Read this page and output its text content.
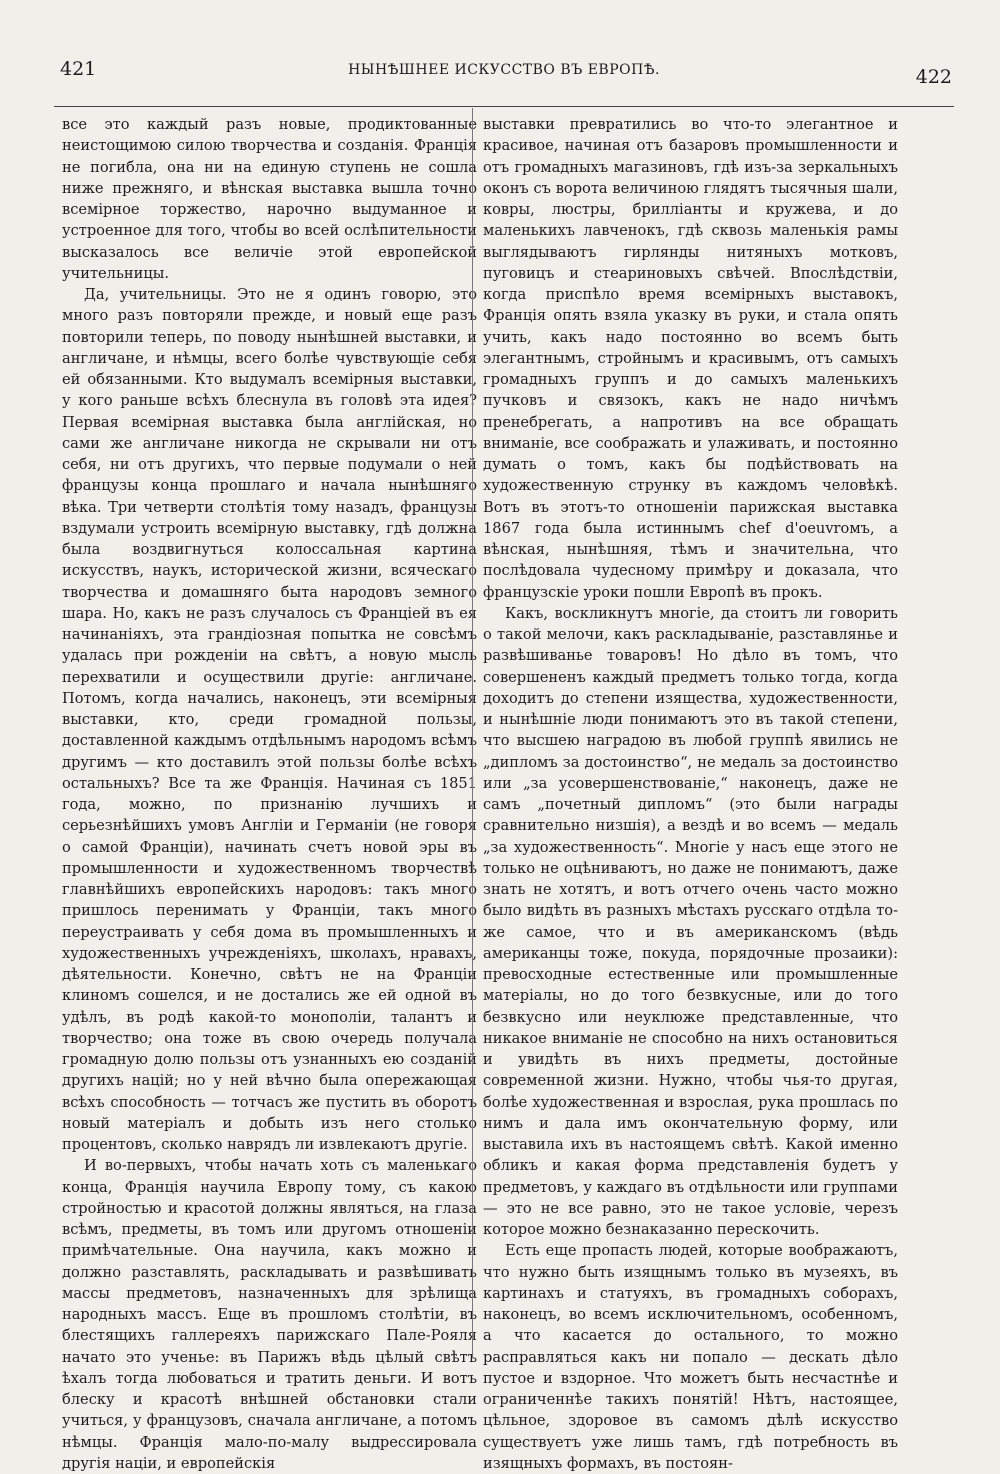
421	НЫНѢШНЕЕ ИСКУССТВО ВЪ ЕВРОПѢ.	422

все это каждый разъ новые, продиктованные неистощимою силою творчества и созданія. Франція не погибла, она ни на единую ступень не сошла ниже прежняго, и вѣнская выставка вышла точно всемірное торжество, нарочно выдуманное и устроенное для того, чтобы во всей ослѣпительности высказалось все величіе этой европейской учительницы.

Да, учительницы. Это не я одинъ говорю, это много разъ повторяли прежде, и новый еще разъ повторили теперь, по поводу нынѣшней выставки, и англичане, и нѣмцы, всего болѣе чувствующіе себя ей обязанными. Кто выдумалъ всемірныя выставки, у кого раньше всѣхъ блеснула въ головѣ эта идея? Первая всемірная выставка была англійская, но сами же англичане никогда не скрывали ни отъ себя, ни отъ другихъ, что первые подумали о ней французы конца прошлаго и начала нынѣшняго вѣка. Три четверти столѣтія тому назадъ, французы вздумали устроить всемірную выставку, гдѣ должна была воздвигнуться колоссальная картина искусствъ, наукъ, исторической жизни, всяческаго творчества и домашняго быта народовъ земного шара. Но, какъ не разъ случалось съ Франціей въ ея начинаніяхъ, эта грандіозная попытка не совсѣмъ удалась при рожденіи на свѣтъ, а новую мысль перехватили и осуществили другіе: англичане. Потомъ, когда начались, наконецъ, эти всемірныя выставки, кто, среди громадной пользы, доставленной каждымъ отдѣльнымъ народомъ всѣмъ другимъ — кто доставилъ этой пользы болѣе всѣхъ остальныхъ? Все та же Франція. Начиная съ 1851 года, можно, по признанію лучшихъ и серьезнѣйшихъ умовъ Англіи и Германіи (не говоря о самой Франціи), начинать счетъ новой эры въ промышленности и художественномъ творчествѣ главнѣйшихъ европейскихъ народовъ: такъ много пришлось перенимать у Франціи, такъ много переустраивать у себя дома въ промышленныхъ и художественныхъ учрежденіяхъ, школахъ, нравахъ, дѣятельности. Конечно, свѣтъ не на Франціи клиномъ сошелся, и не достались же ей одной въ удѣлъ, въ родѣ какой-то монополіи, талантъ и творчество; она тоже въ свою очередь получала громадную долю пользы отъ узнанныхъ ею созданій другихъ націй; но у ней вѣчно была опережающая всѣхъ способность — тотчасъ же пустить въ оборотъ новый матеріалъ и добыть изъ него столько процентовъ, сколько наврядъ ли извлекаютъ другіе.

И во-первыхъ, чтобы начать хоть съ маленькаго конца, Франція научила Европу тому, съ какою стройностью и красотой должны являться, на глаза всѣмъ, предметы, въ томъ или другомъ отношеніи примѣчательные. Она научила, какъ можно и должно разставлять, раскладывать и развѣшивать массы предметовъ, назначенныхъ для зрѣлища народныхъ массъ. Еще въ прошломъ столѣтіи, въ блестящихъ галлереяхъ парижскаго Пале-Рояля начато это ученье: въ Парижъ вѣдь цѣлый свѣтъ ѣхалъ тогда любоваться и тратить деньги. И вотъ блеску и красотѣ внѣшней обстановки стали учиться, у французовъ, сначала англичане, а потомъ нѣмцы. Франція мало-по-малу выдрессировала другія націи, и европейскія

выставки превратились во что-то элегантное и красивое, начиная отъ базаровъ промышленности и отъ громадныхъ магазиновъ, гдѣ изъ-за зеркальныхъ оконъ съ ворота величиною глядятъ тысячныя шали, ковры, люстры, брилліанты и кружева, и до маленькихъ лавченокъ, гдѣ сквозь маленькія рамы выглядываютъ гирлянды нитяныхъ мотковъ, пуговицъ и стеариновыхъ свѣчей. Впослѣдствіи, когда приспѣло время всемірныхъ выставокъ, Франція опять взяла указку въ руки, и стала опять учить, какъ надо постоянно во всемъ быть элегантнымъ, стройнымъ и красивымъ, отъ самыхъ громадныхъ группъ и до самыхъ маленькихъ пучковъ и связокъ, какъ не надо ничѣмъ пренебрегать, а напротивъ на все обращать вниманіе, все соображать и улаживать, и постоянно думать о томъ, какъ бы подѣйствовать на художественную струнку въ каждомъ человѣкѣ. Вотъ въ этотъ-то отношеніи парижская выставка 1867 года была истиннымъ chef d'oeuvrомъ, а вѣнская, нынѣшняя, тѣмъ и значительна, что послѣдовала чудесному примѣру и доказала, что французскіе уроки пошли Европѣ въ прокъ.

Какъ, воскликнутъ многіе, да стоитъ ли говорить о такой мелочи, какъ раскладываніе, разставлянье и развѣшиванье товаровъ! Но дѣло въ томъ, что совершененъ каждый предметъ только тогда, когда доходитъ до степени изящества, художественности, и нынѣшніе люди понимаютъ это въ такой степени, что высшею наградою въ любой группѣ явились не „дипломъ за достоинство“, не медаль за достоинство или „за усовершенствованіе,“ наконецъ, даже не самъ „почетный дипломъ“ (это были награды сравнительно низшія), а вездѣ и во всемъ — медаль „за художественность“. Многіе у насъ еще этого не только не оцѣниваютъ, но даже не понимаютъ, даже знать не хотятъ, и вотъ отчего очень часто можно было видѣть въ разныхъ мѣстахъ русскаго отдѣла то-же самое, что и въ американскомъ (вѣдь американцы тоже, покуда, порядочные прозаики): превосходные естественные или промышленные матеріалы, но до того безвкусные, или до того безвкусно или неуклюже представленные, что никакое вниманіе не способно на нихъ остановиться и увидѣть въ нихъ предметы, достойные современной жизни. Нужно, чтобы чья-то другая, болѣе художественная и взрослая, рука прошлась по нимъ и дала имъ окончательную форму, или выставила ихъ въ настоящемъ свѣтѣ. Какой именно обликъ и какая форма представленія будетъ у предметовъ, у каждаго въ отдѣльности или группами — это не все равно, это не такое условіе, черезъ которое можно безнаказанно перескочить.

Есть еще пропасть людей, которые воображаютъ, что нужно быть изящнымъ только въ музеяхъ, въ картинахъ и статуяхъ, въ громадныхъ соборахъ, наконецъ, во всемъ исключительномъ, особенномъ, а что касается до остального, то можно расправляться какъ ни попало — дескать дѣло пустое и вздорное. Что можетъ быть несчастнѣе и ограниченнѣе такихъ понятій! Нѣтъ, настоящее, цѣльное, здоровое въ самомъ дѣлѣ искусство существуетъ уже лишь тамъ, гдѣ потребность въ изящныхъ формахъ, въ постоян-
